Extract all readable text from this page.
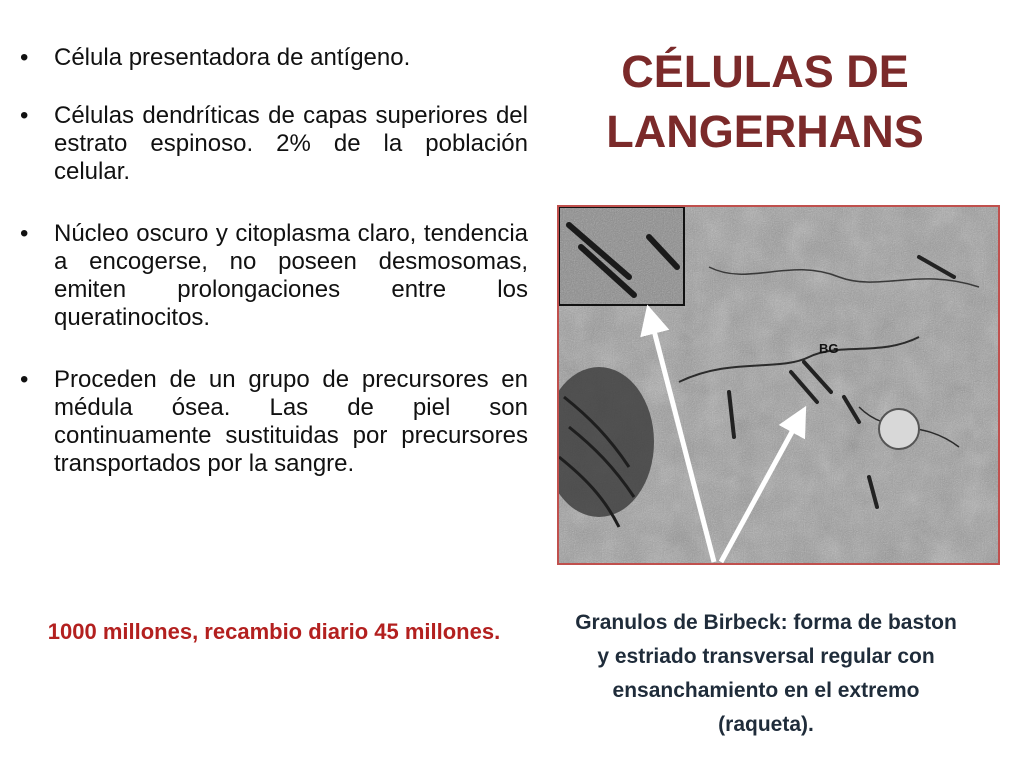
CÉLULAS DE
LANGERHANS
• Célula presentadora de antígeno.
• Células dendríticas de capas superiores del estrato espinoso. 2% de la población celular.
• Núcleo oscuro y citoplasma claro, tendencia a encogerse, no poseen desmosomas, emiten prolongaciones entre los queratinocitos.
• Proceden de un grupo de precursores en médula ósea. Las de piel son continuamente sustituidas por precursores transportados por la sangre.
1000 millones, recambio diario 45 millones.
BG
Granulos de Birbeck: forma de baston y estriado transversal regular con ensanchamiento en el extremo (raqueta).
